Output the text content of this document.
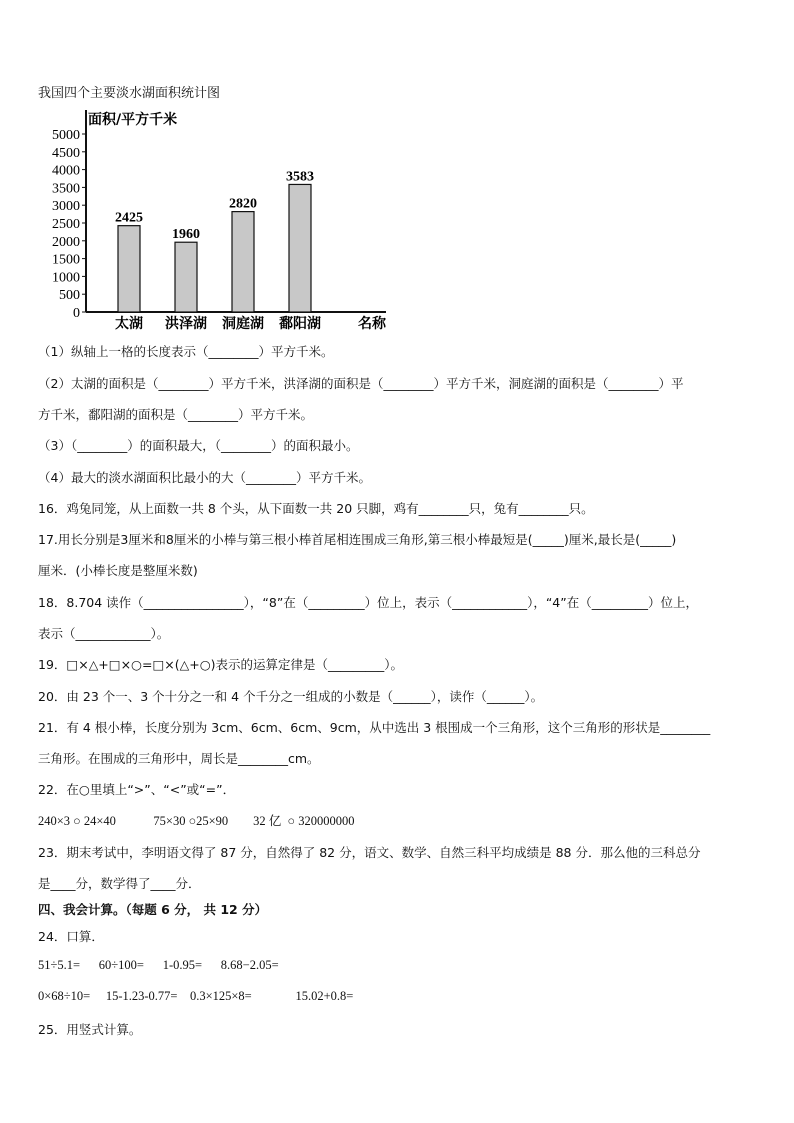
我国四个主要淡水湖面积统计图
面积/平方千米
名称
0
500
1000
1500
2000
2500
3000
3500
4000
4500
5000
2425
太湖
1960
洪泽湖
2820
洞庭湖
3583
鄱阳湖
（1）纵轴上一格的长度表示（________）平方千米。
（2）太湖的面积是（________）平方千米，洪泽湖的面积是（________）平方千米，洞庭湖的面积是（________）平
方千米，鄱阳湖的面积是（________）平方千米。
（3）（________）的面积最大，（________）的面积最小。
（4）最大的淡水湖面积比最小的大（________）平方千米。
16．鸡兔同笼，从上面数一共 8 个头，从下面数一共 20 只脚，鸡有________只，兔有________只。
17.用长分别是3厘米和8厘米的小棒与第三根小棒首尾相连围成三角形,第三根小棒最短是(_____)厘米,最长是(_____)
厘米．(小棒长度是整厘米数)
18．8.704 读作（________________），“8”在（_________）位上，表示（____________），“4”在（_________）位上，
表示（____________）。
19．□×△+□×○=□×(△+○)表示的运算定律是（_________）。
20．由 23 个一、3 个十分之一和 4 个千分之一组成的小数是（______），读作（______）。
21．有 4 根小棒，长度分别为 3cm、6cm、6cm、9cm，从中选出 3 根围成一个三角形，这个三角形的形状是________
三角形。在围成的三角形中，周长是________cm。
22．在○里填上“>”、“<”或“=”．
240×3 ○ 24×40            75×30 ○25×90        32 亿  ○ 320000000
23．期末考试中，李明语文得了 87 分，自然得了 82 分，语文、数学、自然三科平均成绩是 88 分．那么他的三科总分
是____分，数学得了____分．
四、我会计算。（每题 6 分， 共 12 分）
24．口算．
51÷5.1=      60÷100=      1-0.95=      8.68−2.05=
0×68÷10=     15-1.23-0.77=    0.3×125×8=              15.02+0.8=
25．用竖式计算。
